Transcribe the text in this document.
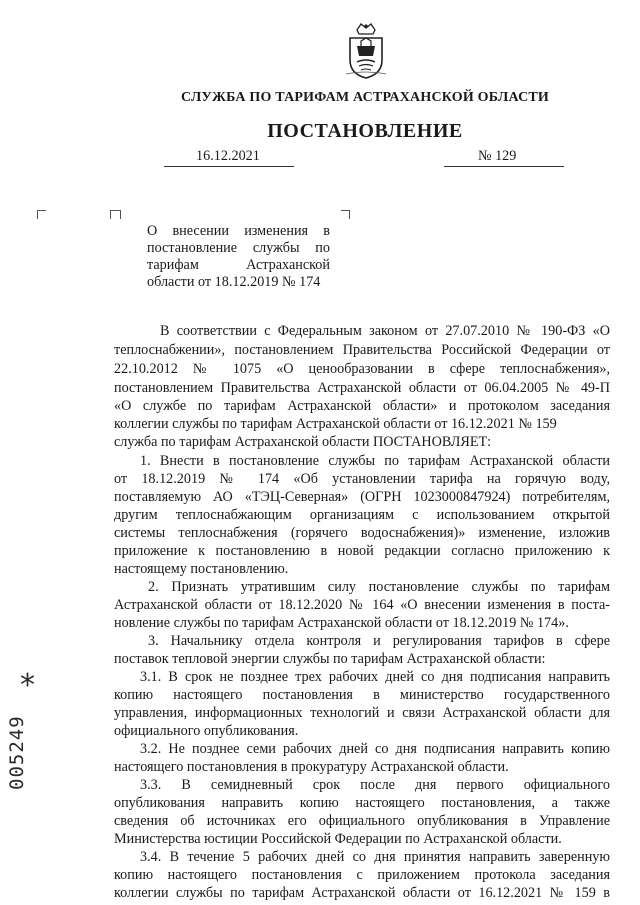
СЛУЖБА ПО ТАРИФАМ АСТРАХАНСКОЙ ОБЛАСТИ
ПОСТАНОВЛЕНИЕ
16.12.2021	№ 129
О внесении изменения в
постановление службы по
тарифам Астраханской
области от 18.12.2019 № 174
В соответствии с Федеральным законом от 27.07.2010 № 190-ФЗ «О
теплоснабжении», постановлением Правительства Российской Федерации от
22.10.2012 № 1075 «О ценообразовании в сфере теплоснабжения»,
постановлением Правительства Астраханской области от 06.04.2005 № 49-П
«О службе по тарифам Астраханской области» и протоколом заседания
коллегии службы по тарифам Астраханской области от 16.12.2021 № 159
служба по тарифам Астраханской области ПОСТАНОВЛЯЕТ:
1. Внести в постановление службы по тарифам Астраханской области
от 18.12.2019 № 174 «Об установлении тарифа на горячую воду,
поставляемую АО «ТЭЦ-Северная» (ОГРН 1023000847924) потребителям,
другим теплоснабжающим организациям с использованием открытой
системы теплоснабжения (горячего водоснабжения)» изменение, изложив
приложение к постановлению в новой редакции согласно приложению к
настоящему постановлению.
2. Признать утратившим силу постановление службы по тарифам
Астраханской области от 18.12.2020 № 164 «О внесении изменения в поста-
новление службы по тарифам Астраханской области от 18.12.2019 № 174».
3. Начальнику отдела контроля и регулирования тарифов в сфере
поставок тепловой энергии службы по тарифам Астраханской области:
3.1. В срок не позднее трех рабочих дней со дня подписания направить
копию настоящего постановления в министерство государственного
управления, информационных технологий и связи Астраханской области для
официального опубликования.
3.2. Не позднее семи рабочих дней со дня подписания направить копию
настоящего постановления в прокуратуру Астраханской области.
3.3. В семидневный срок после дня первого официального
опубликования направить копию настоящего постановления, а также
сведения об источниках его официального опубликования в Управление
Министерства юстиции Российской Федерации по Астраханской области.
3.4. В течение 5 рабочих дней со дня принятия направить заверенную
копию настоящего постановления с приложением протокола заседания
коллегии службы по тарифам Астраханской области от 16.12.2021 № 159 в
*
005249
